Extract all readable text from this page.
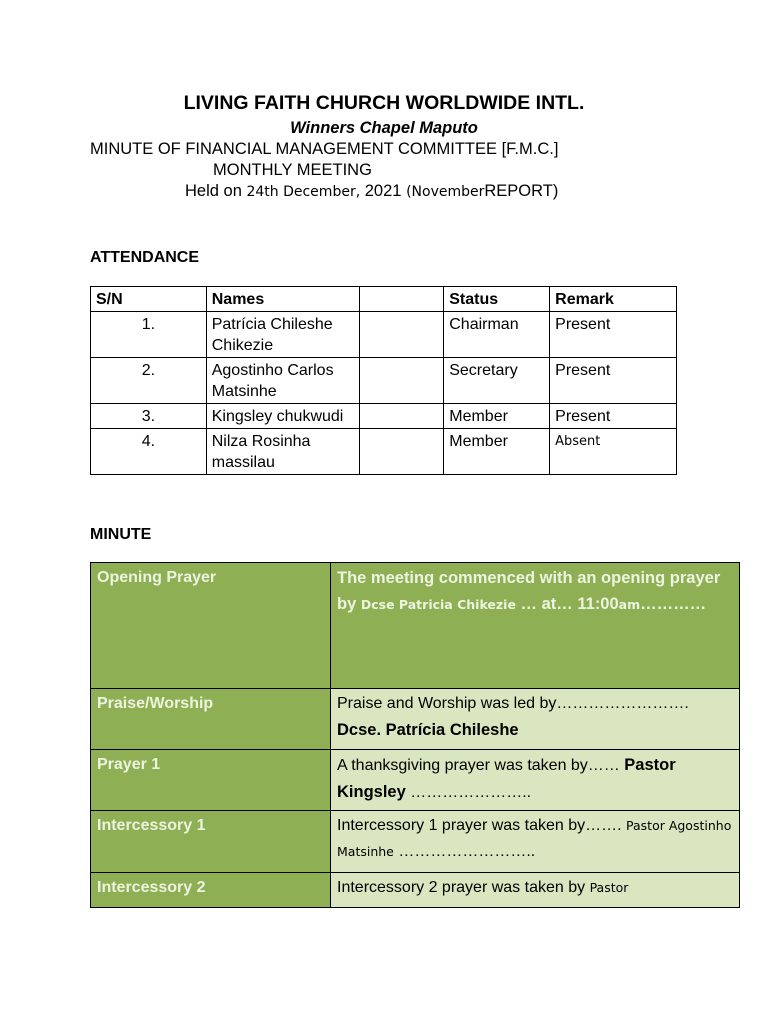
LIVING FAITH CHURCH WORLDWIDE INTL.
Winners Chapel Maputo
MINUTE OF FINANCIAL MANAGEMENT COMMITTEE [F.M.C.]
MONTHLY MEETING
Held on 24th December, 2021 (NovemberREPORT)
ATTENDANCE
S/N	Names		Status	Remark
1.	Patrícia Chileshe Chikezie		Chairman	Present
2.	Agostinho Carlos Matsinhe		Secretary	Present
3.	Kingsley chukwudi		Member	Present
4.	Nilza Rosinha massilau		Member	Absent
MINUTE
Opening Prayer	The meeting commenced with an opening prayer by Dcse Patricia Chikezie … at… 11:00am…………
Praise/Worship	Praise and Worship was led by…………………….
Dcse. Patrícia Chileshe
Prayer 1	A thanksgiving prayer was taken by…… Pastor Kingsley …………………..
Intercessory 1	Intercessory 1 prayer was taken by……. Pastor Agostinho Matsinhe ……………………..
Intercessory 2	Intercessory 2 prayer was taken by Pastor
